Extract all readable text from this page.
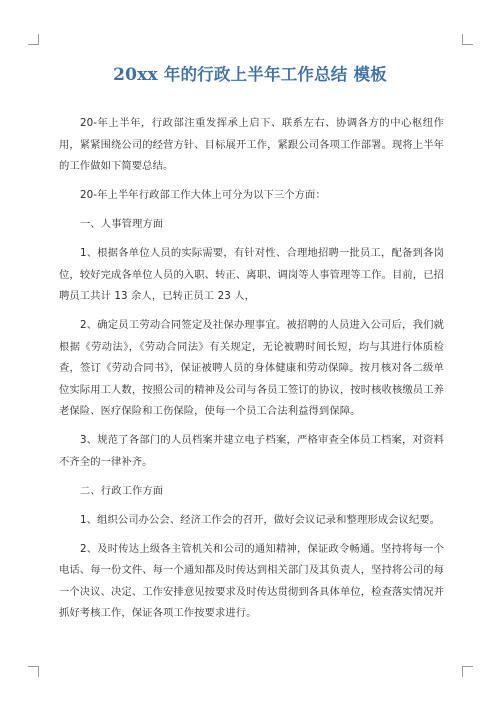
20xx 年的行政上半年工作总结 模板

20-年上半年，行政部注重发挥承上启下、联系左右、协调各方的中心枢纽作用，紧紧围绕公司的经营方针、目标展开工作，紧跟公司各项工作部署。现将上半年的工作做如下简要总结。

20-年上半年行政部工作大体上可分为以下三个方面：

一、人事管理方面

1、根据各单位人员的实际需要，有针对性、合理地招聘一批员工，配备到各岗位，较好完成各单位人员的入职、转正、离职、调岗等人事管理等工作。目前，已招聘员工共计 13 余人，已转正员工 23 人，

2、确定员工劳动合同签定及社保办理事宜。被招聘的人员进入公司后，我们就根据《劳动法》，《劳动合同法》有关规定，无论被聘时间长短，均与其进行体质检查，签订《劳动合同书》，保证被聘人员的身体健康和劳动保障。按月核对各二级单位实际用工人数，按照公司的精神及公司与各员工签订的协议，按时核收核缴员工养老保险、医疗保险和工伤保险，使每一个员工合法利益得到保障。

3、规范了各部门的人员档案并建立电子档案，严格审查全体员工档案，对资料不齐全的一律补齐。

二、行政工作方面

1、组织公司办公会、经济工作会的召开，做好会议记录和整理形成会议纪要。

2、及时传达上级各主管机关和公司的通知精神，保证政令畅通。坚持将每一个电话、每一份文件、每一个通知都及时传达到相关部门及其负责人，坚持将公司的每一个决议、决定、工作安排意见按要求及时传达贯彻到各具体单位，检查落实情况并抓好考核工作，保证各项工作按要求进行。
